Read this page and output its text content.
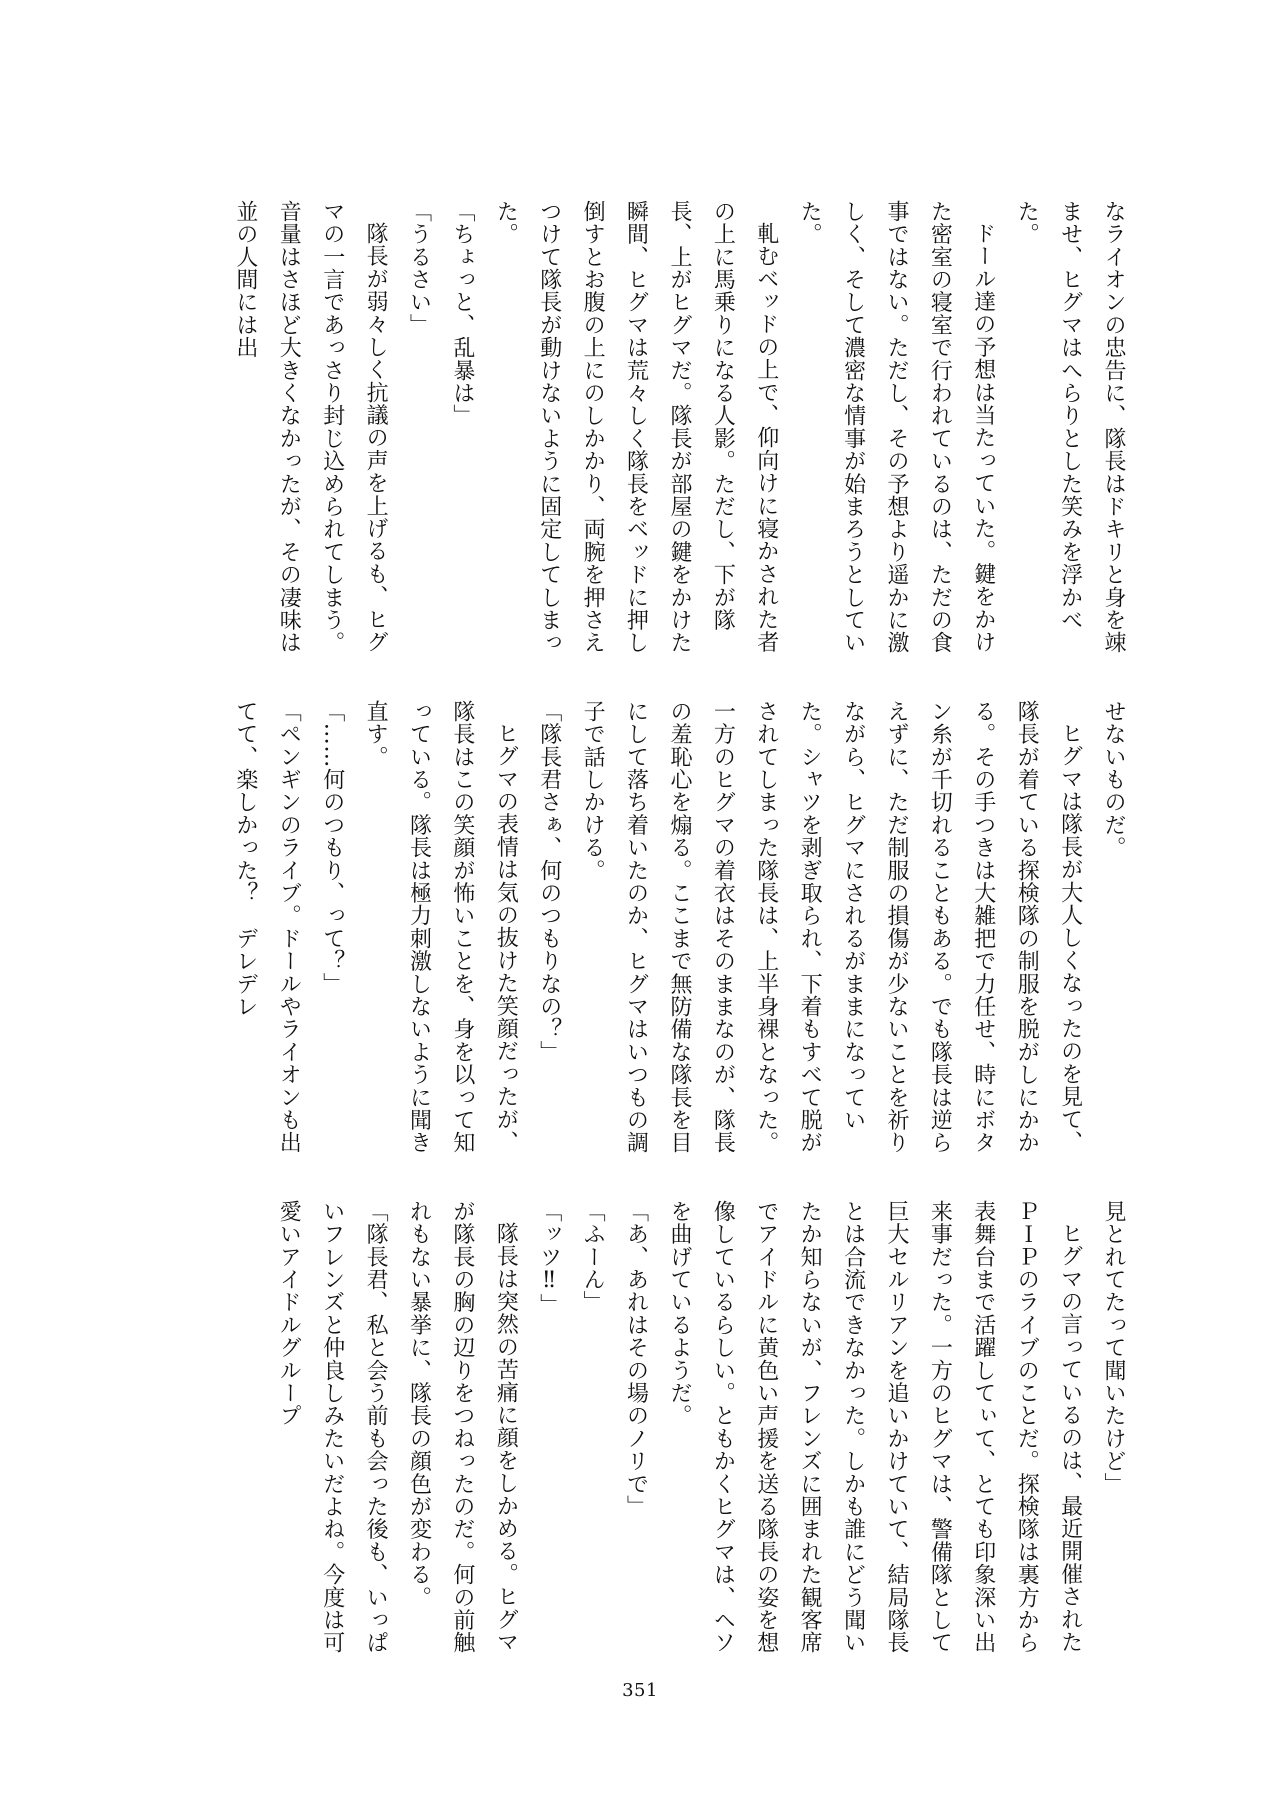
なライオンの忠告に、隊長はドキリと身を竦ませ、ヒグマはへらりとした笑みを浮かべた。

ドール達の予想は当たっていた。鍵をかけた密室の寝室で行われているのは、ただの食事ではない。ただし、その予想より遥かに激しく、そして濃密な情事が始まろうとしていた。

軋むベッドの上で、仰向けに寝かされた者の上に馬乗りになる人影。ただし、下が隊長、上がヒグマだ。隊長が部屋の鍵をかけた瞬間、ヒグマは荒々しく隊長をベッドに押し倒すとお腹の上にのしかかり、両腕を押さえつけて隊長が動けないように固定してしまった。

「ちょっと、乱暴は」

「うるさい」

隊長が弱々しく抗議の声を上げるも、ヒグマの一言であっさり封じ込められてしまう。音量はさほど大きくなかったが、その凄味は並の人間には出

せないものだ。

ヒグマは隊長が大人しくなったのを見て、隊長が着ている探検隊の制服を脱がしにかかる。その手つきは大雑把で力任せ、時にボタン糸が千切れることもある。でも隊長は逆らえずに、ただ制服の損傷が少ないことを祈りながら、ヒグマにされるがままになっていた。シャツを剥ぎ取られ、下着もすべて脱がされてしまった隊長は、上半身裸となった。一方のヒグマの着衣はそのままなのが、隊長の羞恥心を煽る。ここまで無防備な隊長を目にして落ち着いたのか、ヒグマはいつもの調子で話しかける。

「隊長君さぁ、何のつもりなの？」

ヒグマの表情は気の抜けた笑顔だったが、隊長はこの笑顔が怖いことを、身を以って知っている。隊長は極力刺激しないように聞き直す。

「……何のつもり、って？」

「ペンギンのライブ。ドールやライオンも出てて、楽しかった？　デレデレ

見とれてたって聞いたけど」

ヒグマの言っているのは、最近開催されたＰＩＰのライブのことだ。探検隊は裏方から表舞台まで活躍してぃて、とても印象深い出来事だった。一方のヒグマは、警備隊として巨大セルリアンを追いかけていて、結局隊長とは合流できなかった。しかも誰にどう聞いたか知らないが、フレンズに囲まれた観客席でアイドルに黄色い声援を送る隊長の姿を想像しているらしい。ともかくヒグマは、ヘソを曲げているようだ。

「あ、あれはその場のノリで」

「ふーん」

「ッツ‼」

隊長は突然の苦痛に顔をしかめる。ヒグマが隊長の胸の辺りをつねったのだ。何の前触れもない暴挙に、隊長の顔色が変わる。

「隊長君、私と会う前も会った後も、いっぱいフレンズと仲良しみたいだよね。今度は可愛いアイドルグループ

351
